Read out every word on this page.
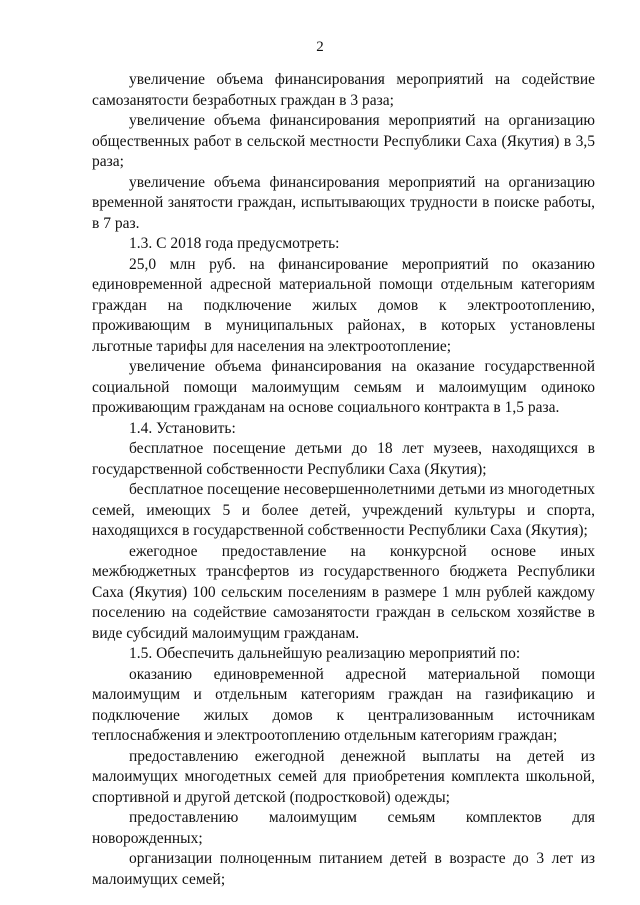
2

увеличение объема финансирования мероприятий на содействие самозанятости безработных граждан в 3 раза;

увеличение объема финансирования мероприятий на организацию общественных работ в сельской местности Республики Саха (Якутия) в 3,5 раза;

увеличение объема финансирования мероприятий на организацию временной занятости граждан, испытывающих трудности в поиске работы, в 7 раз.

1.3. С 2018 года предусмотреть:

25,0 млн руб. на финансирование мероприятий по оказанию единовременной адресной материальной помощи отдельным категориям граждан на подключение жилых домов к электроотоплению, проживающим в муниципальных районах, в которых установлены льготные тарифы для населения на электроотопление;

увеличение объема финансирования на оказание государственной социальной помощи малоимущим семьям и малоимущим одиноко проживающим гражданам на основе социального контракта в 1,5 раза.

1.4. Установить:

бесплатное посещение детьми до 18 лет музеев, находящихся в государственной собственности Республики Саха (Якутия);

бесплатное посещение несовершеннолетними детьми из многодетных семей, имеющих 5 и более детей, учреждений культуры и спорта, находящихся в государственной собственности Республики Саха (Якутия);

ежегодное предоставление на конкурсной основе иных межбюджетных трансфертов из государственного бюджета Республики Саха (Якутия) 100 сельским поселениям в размере 1 млн рублей каждому поселению на содействие самозанятости граждан в сельском хозяйстве в виде субсидий малоимущим гражданам.

1.5. Обеспечить дальнейшую реализацию мероприятий по:

оказанию единовременной адресной материальной помощи малоимущим и отдельным категориям граждан на газификацию и подключение жилых домов к централизованным источникам теплоснабжения и электроотоплению отдельным категориям граждан;

предоставлению ежегодной денежной выплаты на детей из малоимущих многодетных семей для приобретения комплекта школьной, спортивной и другой детской (подростковой) одежды;

предоставлению малоимущим семьям комплектов для новорожденных;

организации полноценным питанием детей в возрасте до 3 лет из малоимущих семей;
